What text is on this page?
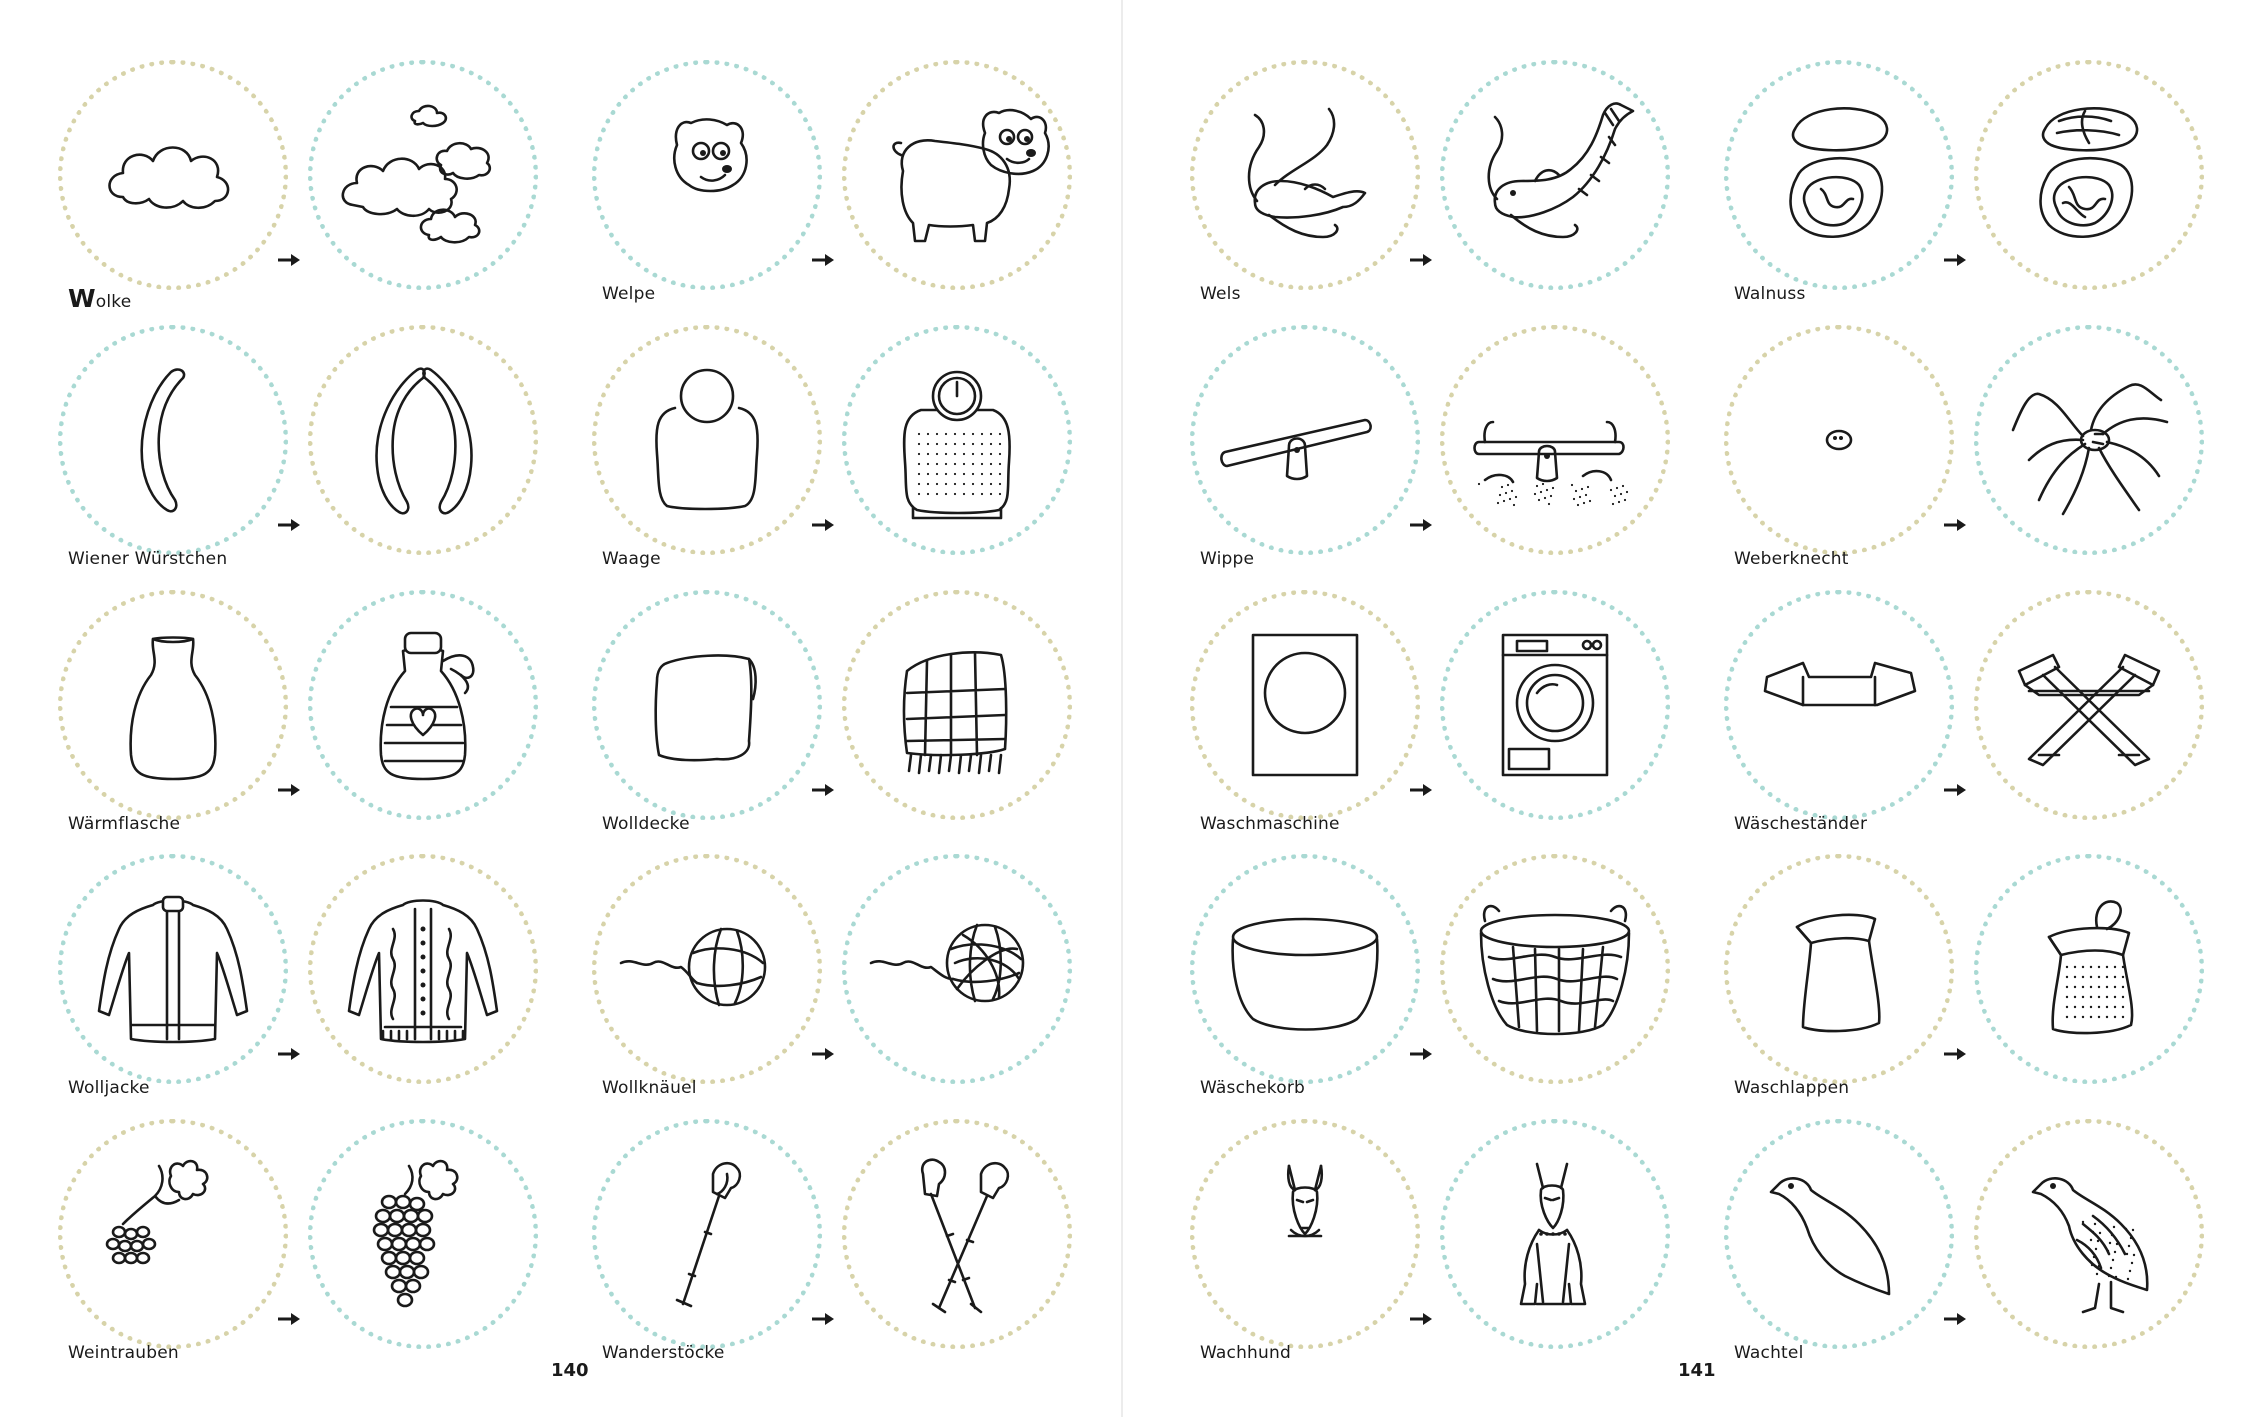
Wolke	Welpe
Wiener Würstchen	Waage
Wärmflasche	Wolldecke
Wolljacke	Wollknäuel
Weintrauben	Wanderstöcke
140
Wels	Walnuss
Wippe	Weberknecht
Waschmaschine	Wäscheständer
Wäschekorb	Waschlappen
Wachhund	Wachtel
141
